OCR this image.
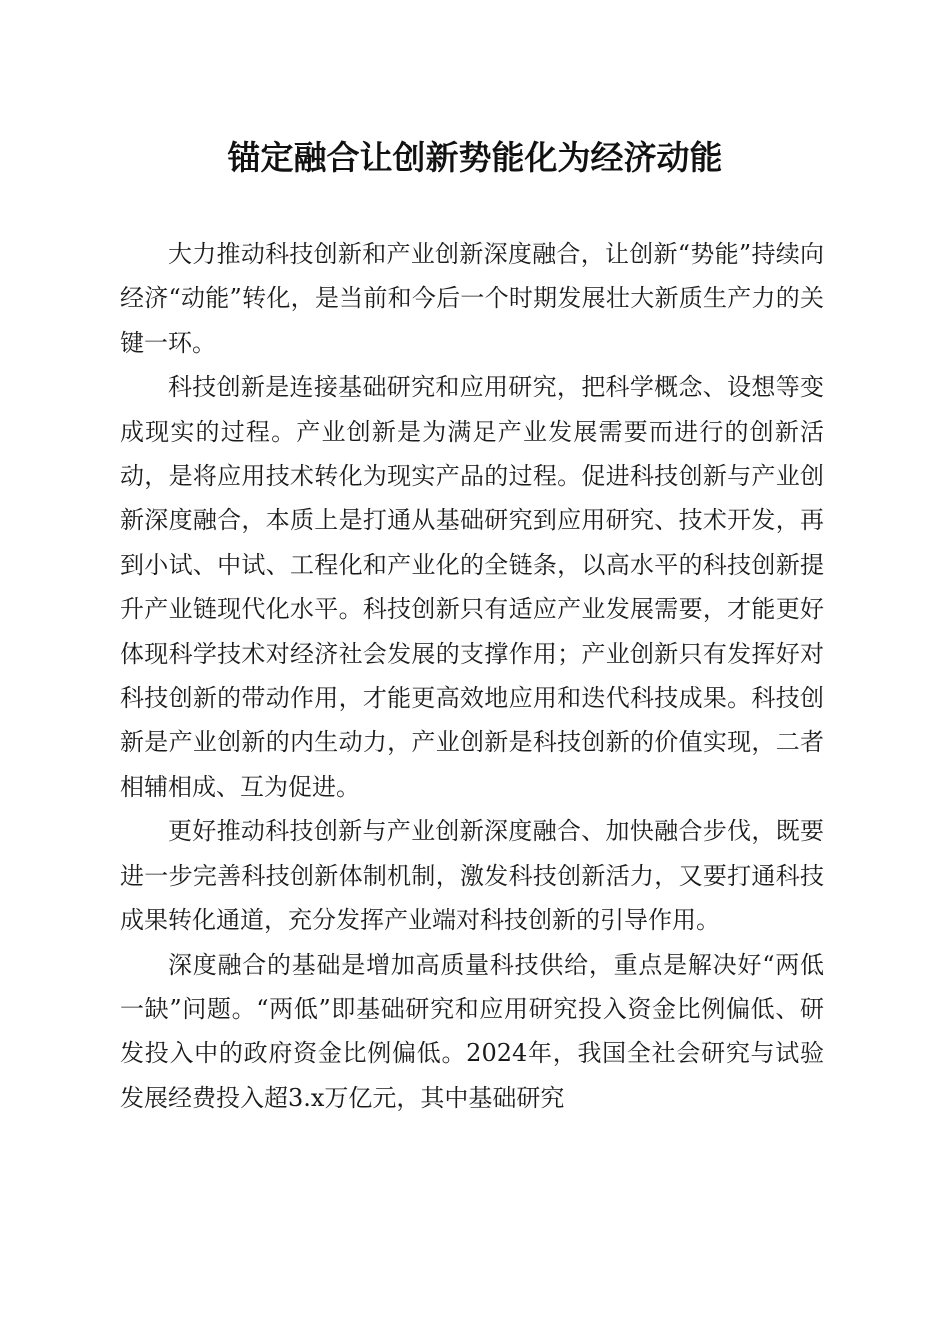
锚定融合让创新势能化为经济动能

大力推动科技创新和产业创新深度融合，让创新“势能”持续向经济“动能”转化，是当前和今后一个时期发展壮大新质生产力的关键一环。

科技创新是连接基础研究和应用研究，把科学概念、设想等变成现实的过程。产业创新是为满足产业发展需要而进行的创新活动，是将应用技术转化为现实产品的过程。促进科技创新与产业创新深度融合，本质上是打通从基础研究到应用研究、技术开发，再到小试、中试、工程化和产业化的全链条，以高水平的科技创新提升产业链现代化水平。科技创新只有适应产业发展需要，才能更好体现科学技术对经济社会发展的支撑作用；产业创新只有发挥好对科技创新的带动作用，才能更高效地应用和迭代科技成果。科技创新是产业创新的内生动力，产业创新是科技创新的价值实现，二者相辅相成、互为促进。

更好推动科技创新与产业创新深度融合、加快融合步伐，既要进一步完善科技创新体制机制，激发科技创新活力，又要打通科技成果转化通道，充分发挥产业端对科技创新的引导作用。

深度融合的基础是增加高质量科技供给，重点是解决好“两低一缺”问题。“两低”即基础研究和应用研究投入资金比例偏低、研发投入中的政府资金比例偏低。2024年，我国全社会研究与试验发展经费投入超3.x万亿元，其中基础研究
